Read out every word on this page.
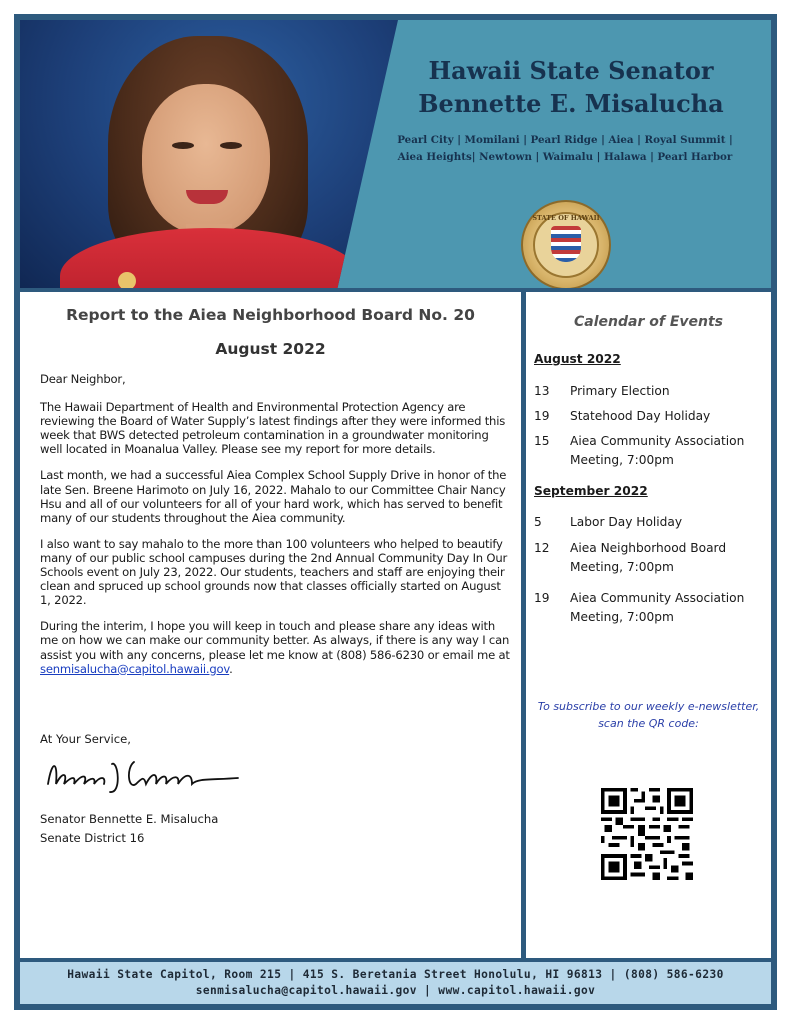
Hawaii State Senator
Bennette E. Misalucha
Pearl City | Momilani | Pearl Ridge | Aiea | Royal Summit |
Aiea Heights| Newtown | Waimalu | Halawa | Pearl Harbor
STATE OF HAWAII
Report to the Aiea Neighborhood Board No. 20
August 2022

Dear Neighbor,

The Hawaii Department of Health and Environmental Protection Agency are reviewing the Board of Water Supply’s latest findings after they were informed this week that BWS detected petroleum contamination in a groundwater monitoring well located in Moanalua Valley. Please see my report for more details.

Last month, we had a successful Aiea Complex School Supply Drive in honor of the late Sen. Breene Harimoto on July 16, 2022. Mahalo to our Committee Chair Nancy Hsu and all of our volunteers for all of your hard work, which has served to benefit many of our students throughout the Aiea community.

I also want to say mahalo to the more than 100 volunteers who helped to beautify many of our public school campuses during the 2nd Annual Community Day In Our Schools event on July 23, 2022. Our students, teachers and staff are enjoying their clean and spruced up school grounds now that classes officially started on August 1, 2022.

During the interim, I hope you will keep in touch and please share any ideas with me on how we can make our community better. As always, if there is any way I can assist you with any concerns, please let me know at (808) 586-6230 or email me at senmisalucha@capitol.hawaii.gov.

At Your Service,
Senator Bennette E. Misalucha
Senate District 16
Calendar of Events
August 2022
13	Primary Election
19	Statehood Day Holiday
15	Aiea Community Association Meeting, 7:00pm
September 2022
5	Labor Day Holiday
12	Aiea Neighborhood Board Meeting, 7:00pm
19	Aiea Community Association Meeting, 7:00pm
To subscribe to our weekly e-newsletter,
scan the QR code:
Hawaii State Capitol, Room 215 | 415 S. Beretania Street Honolulu, HI 96813 | (808) 586-6230
senmisalucha@capitol.hawaii.gov | www.capitol.hawaii.gov
